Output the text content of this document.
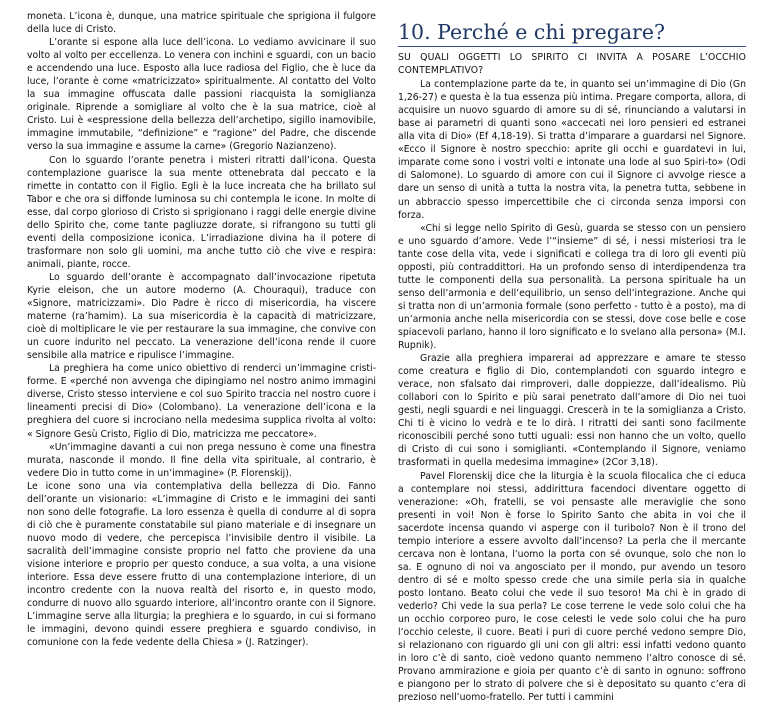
moneta. L’icona è, dunque, una matrice spirituale che sprigiona il fulgore della luce di Cristo.

L’orante si espone alla luce dell’icona. Lo vediamo avvicinare il suo volto al volto per eccellenza. Lo venera con inchini e sguardi, con un bacio e accendendo una luce. Esposto alla luce radiosa del Figlio, che è luce da luce, l’orante è come «matricizzato» spiritualmente. Al contatto del Volto la sua immagine offuscata dalle passioni riacquista la somiglianza originale. Riprende a somigliare al volto che è la sua matrice, cioè al Cristo. Lui è «espressione della bellezza dell’archetipo, sigillo inamovibile, immagine immutabile, “definizione” e “ragione” del Padre, che discende verso la sua immagine e assume la carne» (Gregorio Nazianzeno).

Con lo sguardo l’orante penetra i misteri ritratti dall’icona. Questa contemplazione guarisce la sua mente ottenebrata dal peccato e la rimette in contatto con il Figlio. Egli è la luce increata che ha brillato sul Tabor e che ora si diffonde luminosa su chi contempla le icone. In molte di esse, dal corpo glorioso di Cristo si sprigionano i raggi delle energie divine dello Spirito che, come tante pagliuzze dorate, si rifrangono su tutti gli eventi della composizione iconica. L’irradiazione divina ha il potere di trasformare non solo gli uomini, ma anche tutto ciò che vive e respira: animali, piante, rocce.

Lo sguardo dell’orante è accompagnato dall’invocazione ripetuta Kyrie eleison, che un autore moderno (A. Chouraqui), traduce con «Signore, matricizzami». Dio Padre è ricco di misericordia, ha viscere materne (ra’hamim). La sua misericordia è la capacità di matricizzare, cioè di moltiplicare le vie per restaurare la sua immagine, che convive con un cuore indurito nel peccato. La venerazione dell’icona rende il cuore sensibile alla matrice e ripulisce l’immagine.

La preghiera ha come unico obiettivo di renderci un’immagine cristi-forme. E «perché non avvenga che dipingiamo nel nostro animo immagini diverse, Cristo stesso interviene e col suo Spirito traccia nel nostro cuore i lineamenti precisi di Dio» (Colombano). La venerazione dell’icona e la preghiera del cuore si incrociano nella medesima supplica rivolta al volto: « Signore Gesù Cristo, Figlio di Dio, matricizza me peccatore».

«Un’immagine davanti a cui non prega nessuno è come una finestra murata, nasconde il mondo. Il fine della vita spirituale, al contrario, è vedere Dio in tutto come in un’immagine» (P. Florenskij).

Le icone sono una via contemplativa della bellezza di Dio. Fanno dell’orante un visionario: «L’immagine di Cristo e le immagini dei santi non sono delle fotografie. La loro essenza è quella di condurre al di sopra di ciò che è puramente constatabile sul piano materiale e di insegnare un nuovo modo di vedere, che percepisca l’invisibile dentro il visibile. La sacralità dell’immagine consiste proprio nel fatto che proviene da una visione interiore e proprio per questo conduce, a sua volta, a una visione interiore. Essa deve essere frutto di una contemplazione interiore, di un incontro credente con la nuova realtà del risorto e, in questo modo, condurre di nuovo allo sguardo interiore, all’incontro orante con il Signore. L’immagine serve alla liturgia; la preghiera e lo sguardo, in cui si formano le immagini, devono quindi essere preghiera e sguardo condiviso, in comunione con la fede vedente della Chiesa » (J. Ratzinger).

10. Perché e chi pregare?
SU QUALI OGGETTI LO SPIRITO CI INVITA A POSARE L’OCCHIO CONTEMPLATIVO?

La contemplazione parte da te, in quanto sei un’immagine di Dio (Gn 1,26-27) e questa è la tua essenza più intima. Pregare comporta, allora, di acquisire un nuovo sguardo di amore su di sé, rinunciando a valutarsi in base ai parametri di quanti sono «accecati nei loro pensieri ed estranei alla vita di Dio» (Ef 4,18-19). Si tratta d’imparare a guardarsi nel Signore. «Ecco il Signore è nostro specchio: aprite gli occhi e guardatevi in lui, imparate come sono i vostri volti e intonate una lode al suo Spiri-to» (Odi di Salomone). Lo sguardo di amore con cui il Signore ci avvolge riesce a dare un senso di unità a tutta la nostra vita, la penetra tutta, sebbene in un abbraccio spesso impercettibile che ci circonda senza imporsi con forza.

«Chi si legge nello Spirito di Gesù, guarda se stesso con un pensiero e uno sguardo d’amore. Vede l’“insieme” di sé, i nessi misteriosi tra le tante cose della vita, vede i significati e collega tra di loro gli eventi più opposti, più contraddittori. Ha un profondo senso di interdipendenza tra tutte le componenti della sua personalità. La persona spirituale ha un senso dell’armonia e dell’equilibrio, un senso dell’integrazione. Anche qui si tratta non di un’armonia formale (sono perfetto - tutto è a posto), ma di un’armonia anche nella misericordia con se stessi, dove cose belle e cose spiacevoli parlano, hanno il loro significato e lo svelano alla persona» (M.I. Rupnik).

Grazie alla preghiera imparerai ad apprezzare e amare te stesso come creatura e figlio di Dio, contemplandoti con sguardo integro e verace, non sfalsato dai rimproveri, dalle doppiezze, dall’idealismo. Più collabori con lo Spirito e più sarai penetrato dall’amore di Dio nei tuoi gesti, negli sguardi e nei linguaggi. Crescerà in te la somiglianza a Cristo. Chi ti è vicino lo vedrà e te lo dirà. I ritratti dei santi sono facilmente riconoscibili perché sono tutti uguali: essi non hanno che un volto, quello di Cristo di cui sono i somiglianti. «Contemplando il Signore, veniamo trasformati in quella medesima immagine» (2Cor 3,18).

Pavel Florenskij dice che la liturgia è la scuola filocalica che ci educa a contemplare noi stessi, addirittura facendoci diventare oggetto di venerazione: «Oh, fratelli, se voi pensaste alle meraviglie che sono presenti in voi! Non è forse lo Spirito Santo che abita in voi che il sacerdote incensa quando vi asperge con il turibolo? Non è il trono del tempio interiore a essere avvolto dall’incenso? La perla che il mercante cercava non è lontana, l’uomo la porta con sé ovunque, solo che non lo sa. E ognuno di noi va angosciato per il mondo, pur avendo un tesoro dentro di sé e molto spesso crede che una simile perla sia in qualche posto lontano. Beato colui che vede il suo tesoro! Ma chi è in grado di vederlo? Chi vede la sua perla? Le cose terrene le vede solo colui che ha un occhio corporeo puro, le cose celesti le vede solo colui che ha puro l’occhio celeste, il cuore. Beati i puri di cuore perché vedono sempre Dio, si relazionano con riguardo gli uni con gli altri: essi infatti vedono quanto in loro c’è di santo, cioè vedono quanto nemmeno l’altro conosce di sé. Provano ammirazione e gioia per quanto c’è di santo in ognuno: soffrono e piangono per lo strato di polvere che si è depositato su quanto c’era di prezioso nell’uomo-fratello. Per tutti i cammini
